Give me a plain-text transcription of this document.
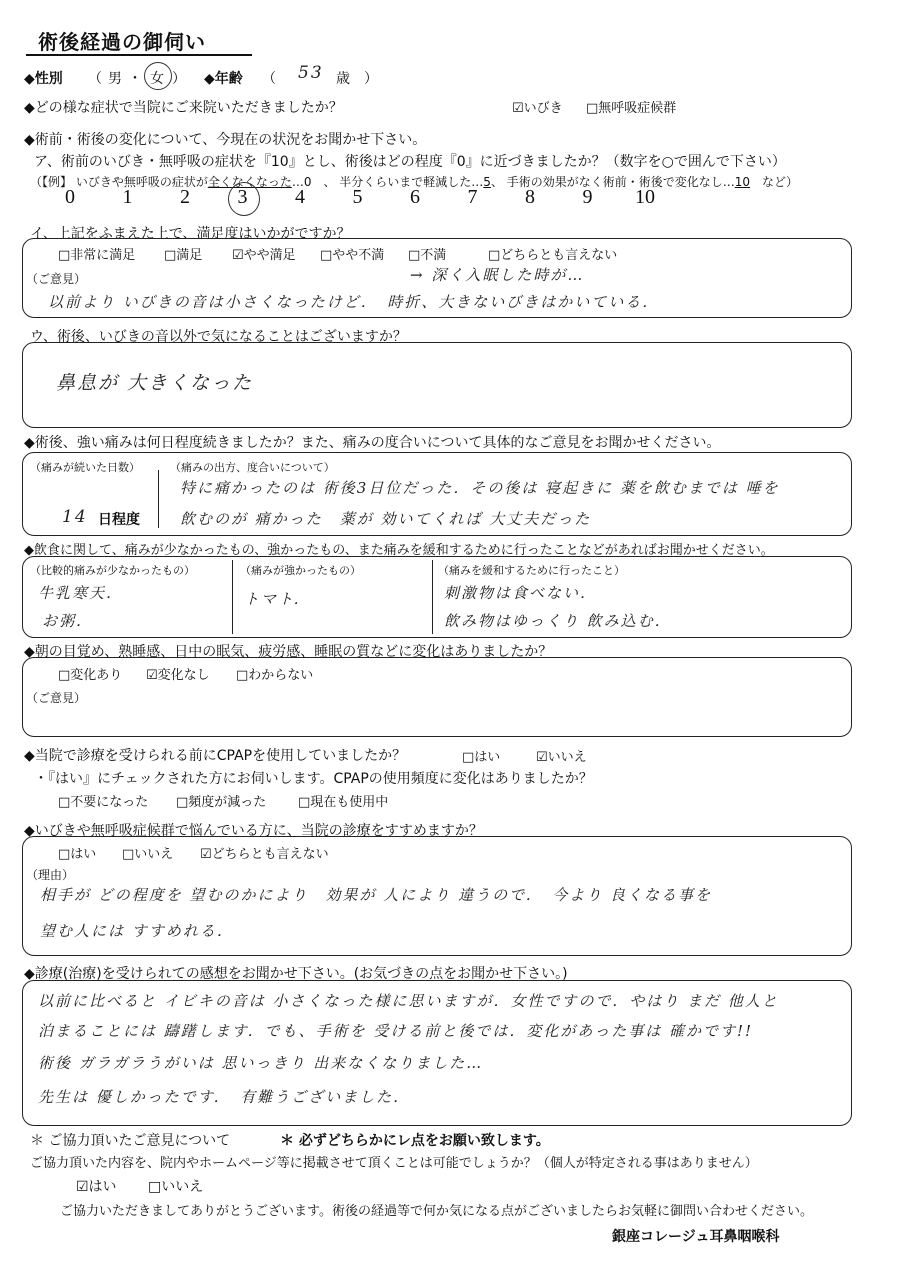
術後経過の御伺い
◆性別 （ 男 ・ 女 ） ◆年齢 （ 53 歳　）
◆どの様な症状で当院にご来院いただきましたか？	☑いびき □無呼吸症候群
◆術前・術後の変化について、今現在の状況をお聞かせ下さい。
ア、術前のいびき・無呼吸の症状を『10』とし、術後はどの程度『0』に近づきましたか？（数字を○で囲んで下さい）
（【例】 いびきや無呼吸の症状が全くなくなった…0　、 半分くらいまで軽減した…5、 手術の効果がなく術前・術後で変化なし…10　など）
0 1 2 3 4 5 6 7 8 9 10
イ、上記をふまえた上で、満足度はいかがですか？
□非常に満足 □満足 ☑やや満足 □やや不満 □不満	□どちらとも言えない
（ご意見）	→ 深く入眠した時が…
以前より いびきの音は小さくなったけど．　時折、大きないびきはかいている．
ウ、術後、いびきの音以外で気になることはございますか？
鼻息が 大きくなった
◆術後、強い痛みは何日程度続きましたか？また、痛みの度合いについて具体的なご意見をお聞かせください。
（痛みが続いた日数）
14 日程度
（痛みの出方、度合いについて）
特に痛かったのは 術後3日位だった．その後は 寝起きに 薬を飲むまでは 唾を
飲むのが 痛かった　薬が 効いてくれば 大丈夫だった
◆飲食に関して、痛みが少なかったもの、強かったもの、また痛みを緩和するために行ったことなどがあればお聞かせください。
（比較的痛みが少なかったもの）
牛乳寒天．
お粥．
（痛みが強かったもの）
トマト．
（痛みを緩和するために行ったこと）
刺激物は食べない．
飲み物はゆっくり 飲み込む．
◆朝の目覚め、熟睡感、日中の眠気、疲労感、睡眠の質などに変化はありましたか？
□変化あり ☑変化なし □わからない
（ご意見）
◆当院で診療を受けられる前にCPAPを使用していましたか？	□はい	☑いいえ
・『はい』にチェックされた方にお伺いします。CPAPの使用頻度に変化はありましたか？
□不要になった □頻度が減った □現在も使用中
◆いびきや無呼吸症候群で悩んでいる方に、当院の診療をすすめますか？
□はい □いいえ ☑どちらとも言えない
（理由）
相手が どの程度を 望むのかにより　効果が 人により 違うので．　今より 良くなる事を
望む人には すすめれる．
◆診療(治療)を受けられての感想をお聞かせ下さい。(お気づきの点をお聞かせ下さい。)
以前に比べると イビキの音は 小さくなった様に思いますが．女性ですので．やはり まだ 他人と
泊まることには 躊躇します．でも、手術を 受ける前と後では．変化があった事は 確かです!!
術後 ガラガラうがいは 思いっきり 出来なくなりました…
先生は 優しかったです．　有難うございました．
＊ ご協力頂いたご意見について	＊ 必ずどちらかにレ点をお願い致します。
ご協力頂いた内容を、院内やホームページ等に掲載させて頂くことは可能でしょうか？（個人が特定される事はありません）
☑はい □いいえ
ご協力いただきましてありがとうございます。術後の経過等で何か気になる点がございましたらお気軽に御問い合わせください。
銀座コレージュ耳鼻咽喉科
